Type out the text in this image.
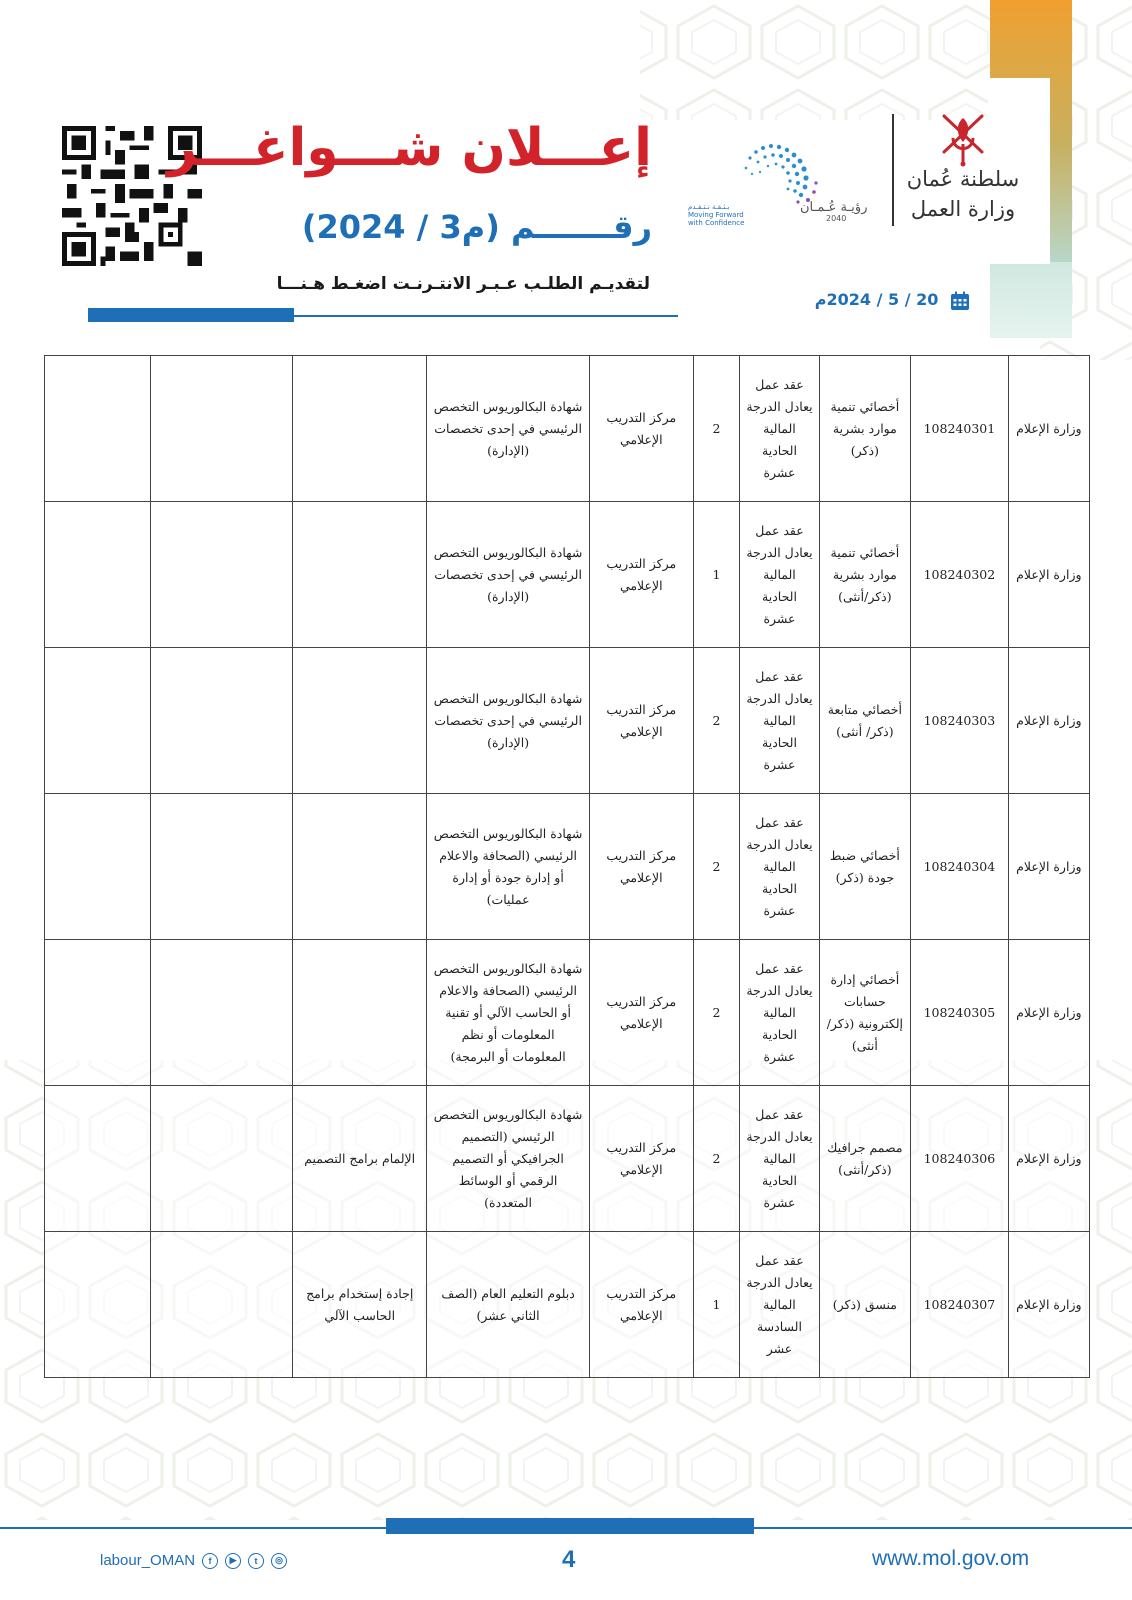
إعـــلان شـــواغـــر
رقـــــــم (م3 / 2024)
لتقديـم الطلـب عـبـر الانتـرنـت اضغـط هـنـــا
بـثـقـة نـتـقـدم
Moving Forward
with Confidence
رؤيـة عُـمـان
2040
سلطنة عُمان
وزارة العمل
20 / 5 / 2024م
وزارة الإعلام	108240301	أخصائي تنمية موارد بشرية (ذكر)	عقد عمل يعادل الدرجة المالية الحادية عشرة	2	مركز التدريب الإعلامي	شهادة البكالوريوس التخصص الرئيسي في إحدى تخصصات (الإدارة)			
وزارة الإعلام	108240302	أخصائي تنمية موارد بشرية (ذكر/أنثى)	عقد عمل يعادل الدرجة المالية الحادية عشرة	1	مركز التدريب الإعلامي	شهادة البكالوريوس التخصص الرئيسي في إحدى تخصصات (الإدارة)			
وزارة الإعلام	108240303	أخصائي متابعة (ذكر/ أنثى)	عقد عمل يعادل الدرجة المالية الحادية عشرة	2	مركز التدريب الإعلامي	شهادة البكالوريوس التخصص الرئيسي في إحدى تخصصات (الإدارة)			
وزارة الإعلام	108240304	أخصائي ضبط جودة (ذكر)	عقد عمل يعادل الدرجة المالية الحادية عشرة	2	مركز التدريب الإعلامي	شهادة البكالوريوس التخصص الرئيسي (الصحافة والاعلام أو إدارة جودة أو إدارة عمليات)			
وزارة الإعلام	108240305	أخصائي إدارة حسابات إلكترونية (ذكر/أنثى)	عقد عمل يعادل الدرجة المالية الحادية عشرة	2	مركز التدريب الإعلامي	شهادة البكالوريوس التخصص الرئيسي (الصحافة والاعلام أو الحاسب الآلي أو تقنية المعلومات أو نظم المعلومات أو البرمجة)			
وزارة الإعلام	108240306	مصمم جرافيك (ذكر/أنثى)	عقد عمل يعادل الدرجة المالية الحادية عشرة	2	مركز التدريب الإعلامي	شهادة البكالوريوس التخصص الرئيسي (التصميم الجرافيكي أو التصميم الرقمي أو الوسائط المتعددة)	الإلمام برامج التصميم		
وزارة الإعلام	108240307	منسق (ذكر)	عقد عمل يعادل الدرجة المالية السادسة عشر	1	مركز التدريب الإعلامي	دبلوم التعليم العام (الصف الثاني عشر)	إجادة إستخدام برامج الحاسب الآلي		
labour_OMAN	f	▶	t	◎	4	www.mol.gov.om
